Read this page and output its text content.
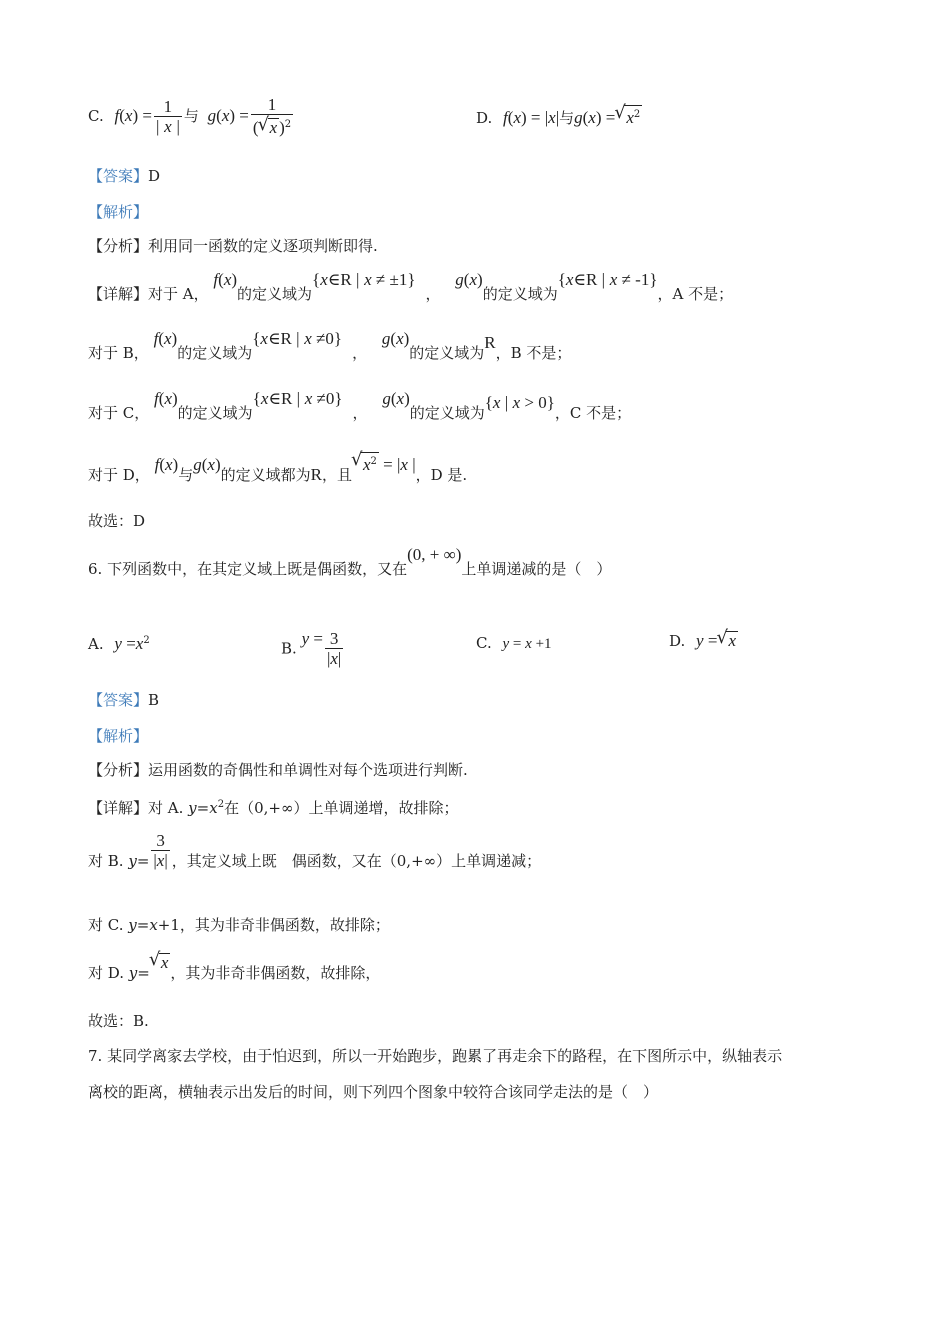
C. $f(x) = \frac{1}{| x |}$ 与 $g(x) = \frac{1}{( √ x )^2}$	D. f(x) = |x|与g(x) = √ $x^2$
【答案】D
【解析】
【分析】利用同一函数的定义逐项判断即得.
【详解】对于 A， f(x)的定义域为{x∈R | x ≠ ±1}， g(x)的定义域为{x∈R | x ≠ -1}，A 不是；
对于 B， f(x)的定义域为{x∈R | x ≠0}， g(x)的定义域为R，B 不是；
对于 C， f(x)的定义域为{x∈R | x ≠0}， g(x)的定义域为{x | x > 0}，C 不是；
对于 D， f(x)与g(x)的定义域都为R，且√ $x^2 = |x$ |，D 是.
故选：D
6. 下列函数中，在其定义域上既是偶函数，又在(0, + ∞)上单调递减的是（　）
A. $y =x^2$	B. $y = \frac{3}{|x|}$	C. y = x +1	D. y = √ x
【答案】B
【解析】
【分析】运用函数的奇偶性和单调性对每个选项进行判断.
【详解】对 A. $y=x^2$在（0,+∞）上单调递增，故排除；
对 B. $y= \frac{3}{|x|}$ ，其定义域上既　偶函数，又在（0,+∞）上单调递减；
对 C. y=x+1，其为非奇非偶函数，故排除；
对 D. y=√ x，其为非奇非偶函数，故排除，
故选：B.
7. 某同学离家去学校，由于怕迟到，所以一开始跑步，跑累了再走余下的路程，在下图所示中，纵轴表示
离校的距离，横轴表示出发后的时间，则下列四个图象中较符合该同学走法的是（　）
